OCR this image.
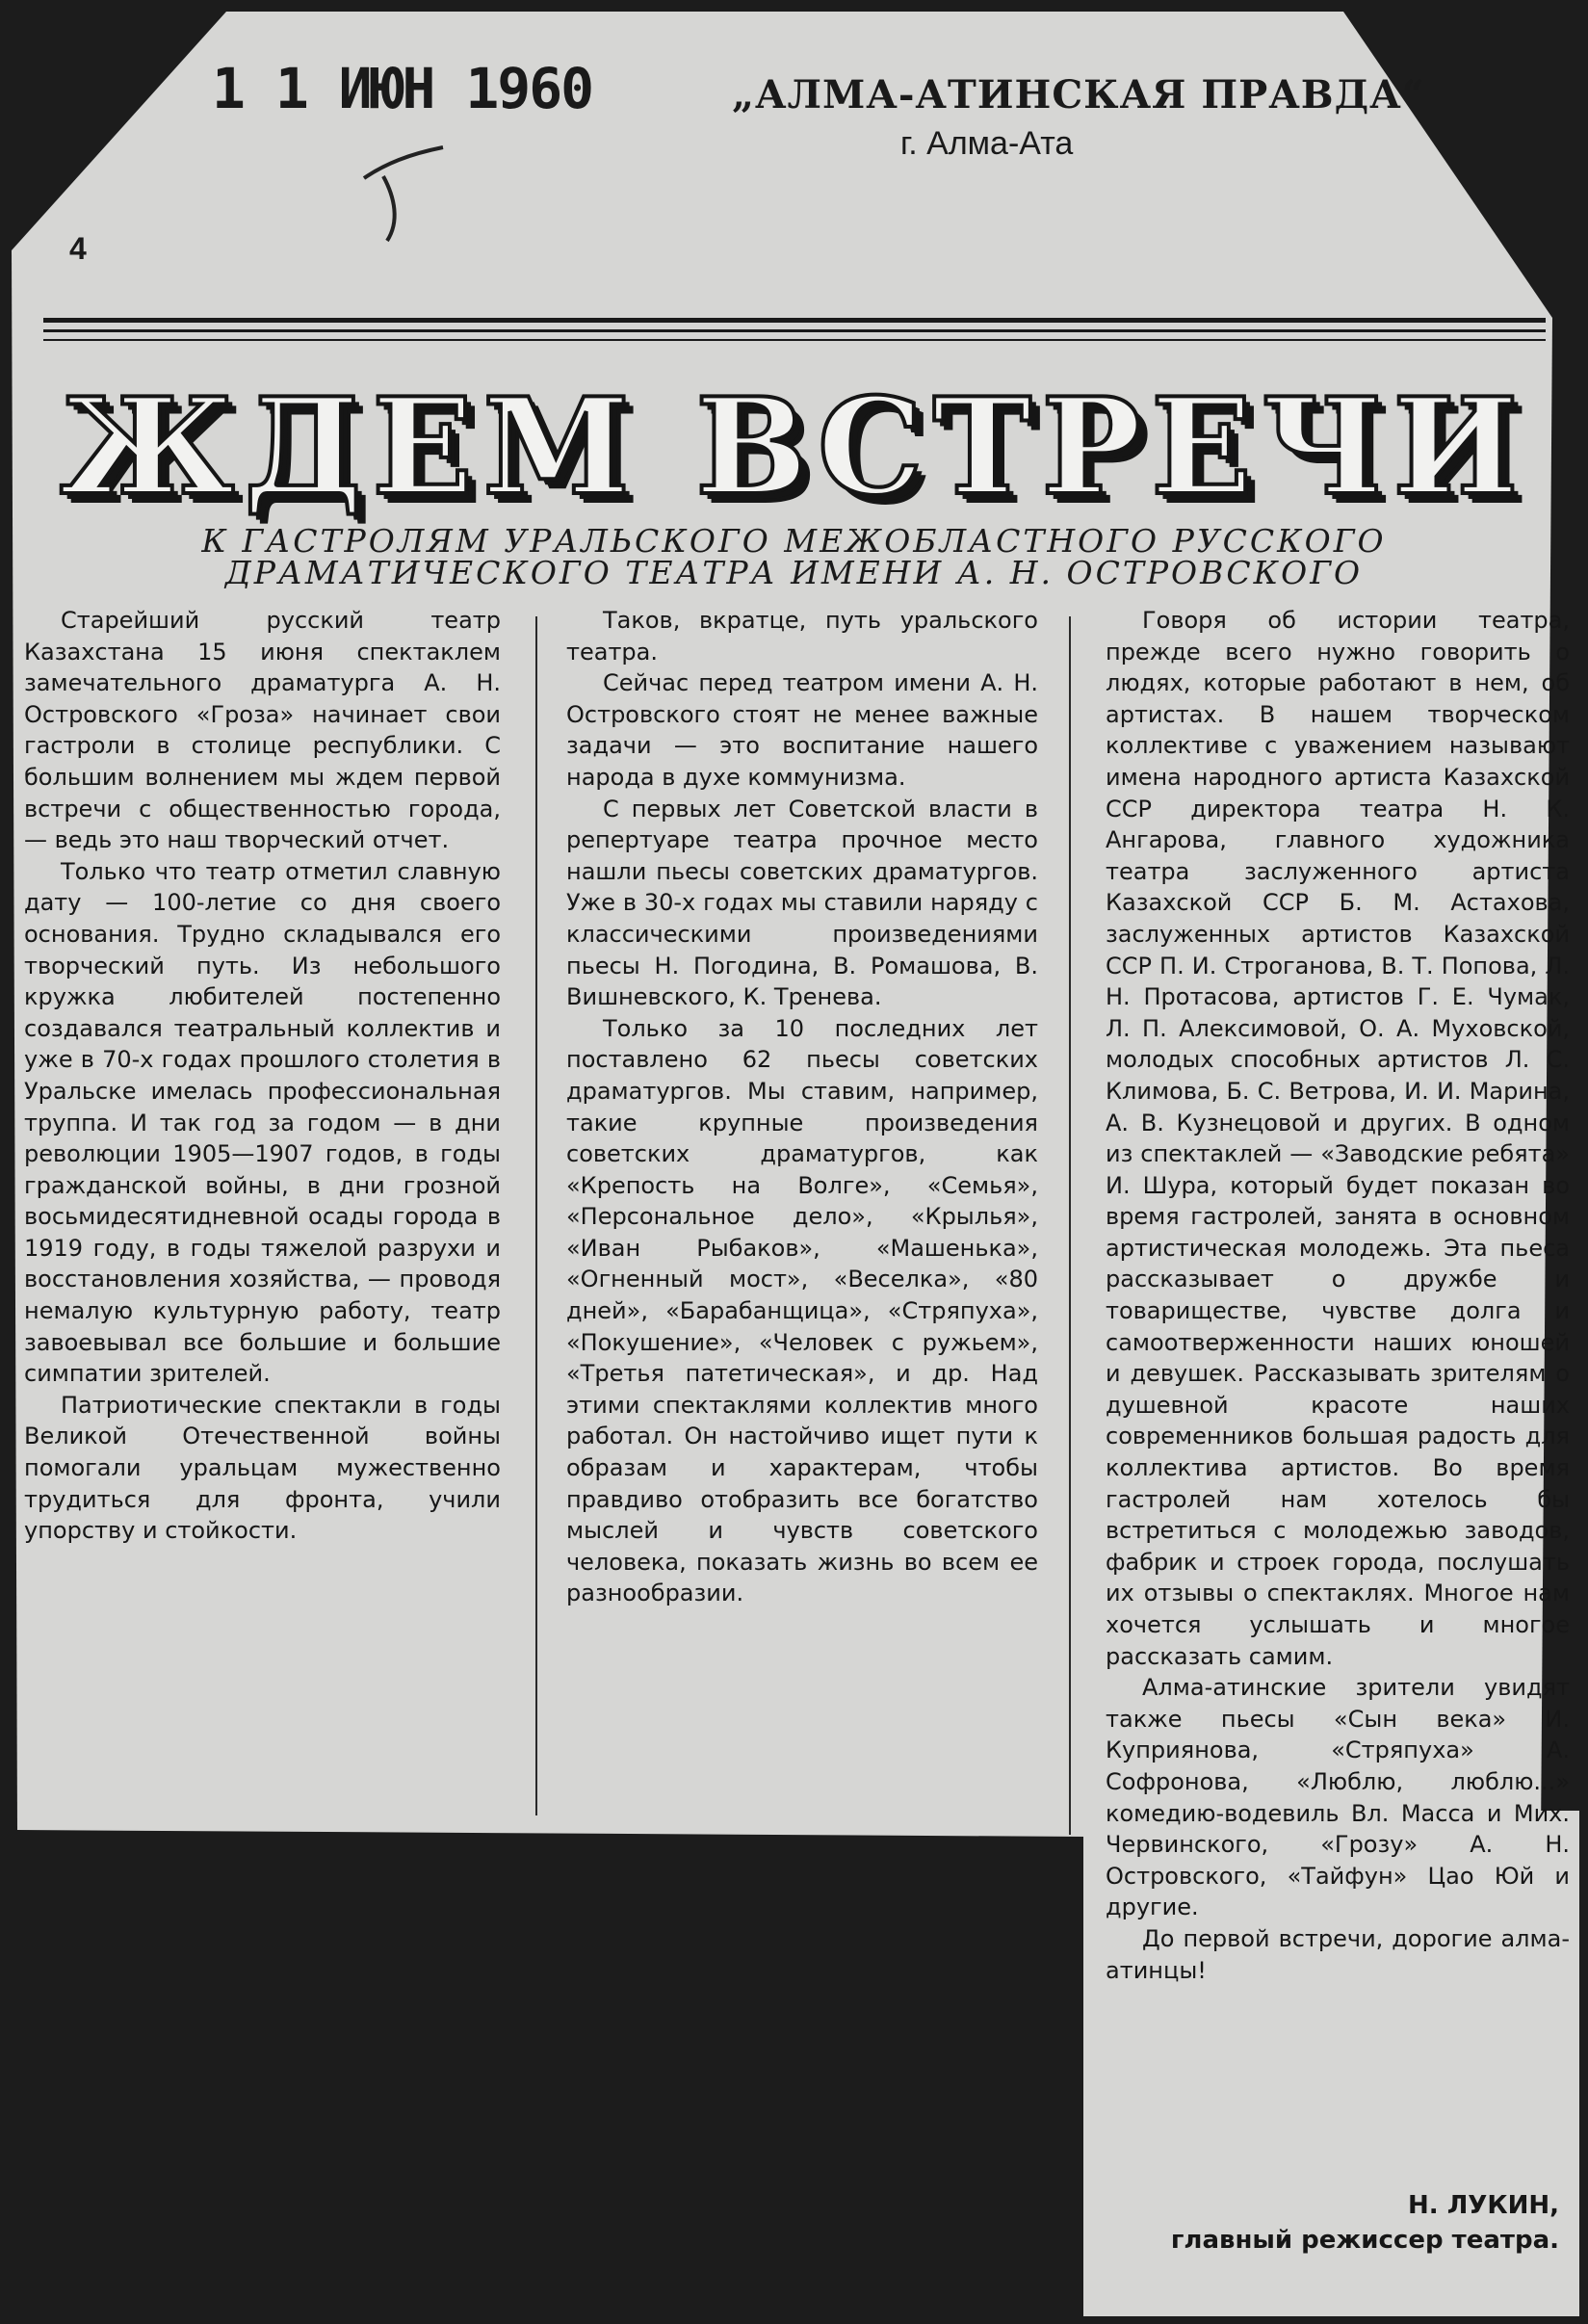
1 1 ИЮН 1960	„АЛМА-АТИНСКАЯ ПРАВДА“
г. Алма-Ата
4
ЖДЕМ ВСТРЕЧИ
К ГАСТРОЛЯМ УРАЛЬСКОГО МЕЖОБЛАСТНОГО РУССКОГО
ДРАМАТИЧЕСКОГО ТЕАТРА ИМЕНИ А. Н. ОСТРОВСКОГО

Старейший русский театр Казахстана 15 июня спектаклем замечательного драматурга А. Н. Островского «Гроза» начинает свои гастроли в столице республики. С большим волнением мы ждем первой встречи с общественностью города, — ведь это наш творческий отчет.

Только что театр отметил славную дату — 100-летие со дня своего основания. Трудно складывался его творческий путь. Из небольшого кружка любителей постепенно создавался театральный коллектив и уже в 70-х годах прошлого столетия в Уральске имелась профессиональная труппа. И так год за годом — в дни революции 1905—1907 годов, в годы гражданской войны, в дни грозной восьмидесятидневной осады города в 1919 году, в годы тяжелой разрухи и восстановления хозяйства, — проводя немалую культурную работу, театр завоевывал все большие и большие симпатии зрителей.

Патриотические спектакли в годы Великой Отечественной войны помогали уральцам мужественно трудиться для фронта, учили упорству и стойкости.

Таков, вкратце, путь уральского театра.

Сейчас перед театром имени А. Н. Островского стоят не менее важные задачи — это воспитание нашего народа в духе коммунизма.

С первых лет Советской власти в репертуаре театра прочное место нашли пьесы советских драматургов. Уже в 30-х годах мы ставили наряду с классическими произведениями пьесы Н. Погодина, В. Ромашова, В. Вишневского, К. Тренева.

Только за 10 последних лет поставлено 62 пьесы советских драматургов. Мы ставим, например, такие крупные произведения советских драматургов, как «Крепость на Волге», «Семья», «Персональное дело», «Крылья», «Иван Рыбаков», «Машенька», «Огненный мост», «Веселка», «80 дней», «Барабанщица», «Стряпуха», «Покушение», «Человек с ружьем», «Третья патетическая», и др. Над этими спектаклями коллектив много работал. Он настойчиво ищет пути к образам и характерам, чтобы правдиво отобразить все богатство мыслей и чувств советского человека, показать жизнь во всем ее разнообразии.

Говоря об истории театра, прежде всего нужно говорить о людях, которые работают в нем, об артистах. В нашем творческом коллективе с уважением называют имена народного артиста Казахской ССР директора театра Н. К. Ангарова, главного художника театра заслуженного артиста Казахской ССР Б. М. Астахова, заслуженных артистов Казахской ССР П. И. Строганова, В. Т. Попова, Л. Н. Протасова, артистов Г. Е. Чумак, Л. П. Алексимовой, О. А. Муховской, молодых способных артистов Л. С. Климова, Б. С. Ветрова, И. И. Марина, А. В. Кузнецовой и других. В одном из спектаклей — «Заводские ребята» И. Шура, который будет показан во время гастролей, занята в основном артистическая молодежь. Эта пьеса рассказывает о дружбе и товариществе, чувстве долга и самоотверженности наших юношей и девушек. Рассказывать зрителям о душевной красоте наших современников большая радость для коллектива артистов. Во время гастролей нам хотелось бы встретиться с молодежью заводов, фабрик и строек города, послушать их отзывы о спектаклях. Многое нам хочется услышать и многое рассказать самим.

Алма-атинские зрители увидят также пьесы «Сын века» И. Куприянова, «Стряпуха» А. Софронова, «Люблю, люблю...» комедию-водевиль Вл. Масса и Мих. Червинского, «Грозу» А. Н. Островского, «Тайфун» Цао Юй и другие.

До первой встречи, дорогие алма-атинцы!

Н. ЛУКИН,
главный режиссер театра.
